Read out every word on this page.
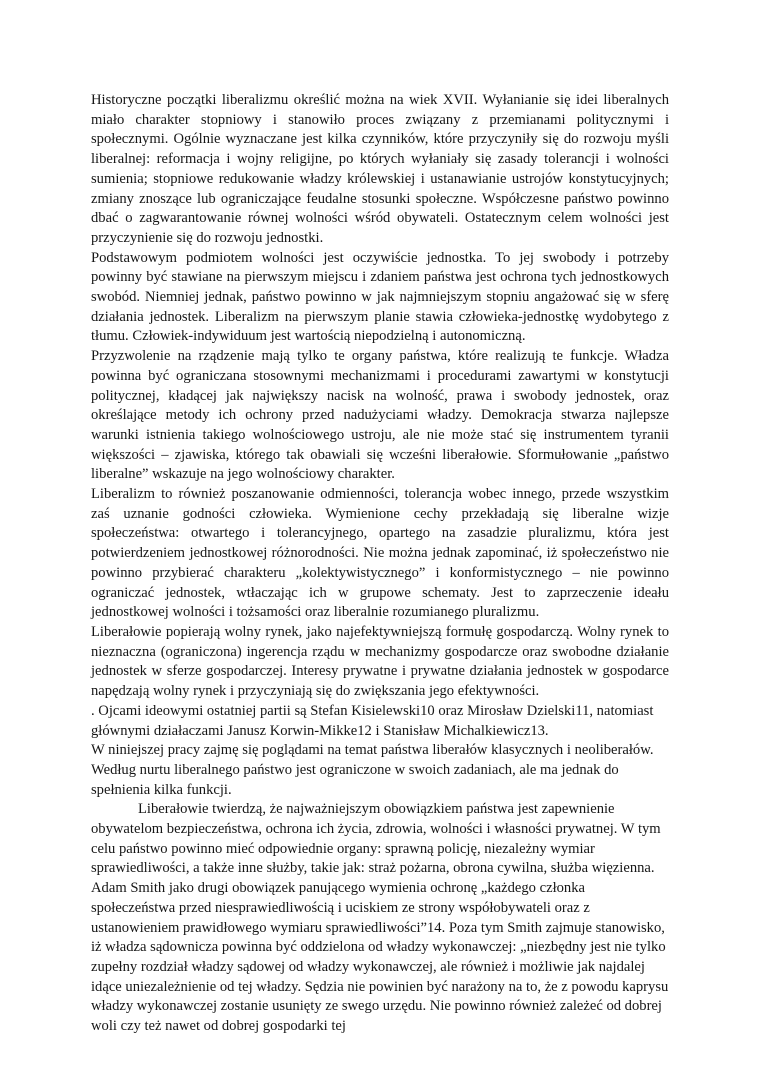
Historyczne początki liberalizmu określić można na wiek XVII. Wyłanianie się idei liberalnych miało charakter stopniowy i stanowiło proces związany z przemianami politycznymi i społecznymi. Ogólnie wyznaczane jest kilka czynników, które przyczyniły się do rozwoju myśli liberalnej: reformacja i wojny religijne, po których wyłaniały się zasady tolerancji i wolności sumienia; stopniowe redukowanie władzy królewskiej i ustanawianie ustrojów konstytucyjnych; zmiany znoszące lub ograniczające feudalne stosunki społeczne. Współczesne państwo powinno dbać o zagwarantowanie równej wolności wśród obywateli. Ostatecznym celem wolności jest przyczynienie się do rozwoju jednostki.

Podstawowym podmiotem wolności jest oczywiście jednostka. To jej swobody i potrzeby powinny być stawiane na pierwszym miejscu i zdaniem państwa jest ochrona tych jednostkowych swobód. Niemniej jednak, państwo powinno w jak najmniejszym stopniu angażować się w sferę działania jednostek. Liberalizm na pierwszym planie stawia człowieka-jednostkę wydobytego z tłumu. Człowiek-indywiduum jest wartością niepodzielną i autonomiczną.

Przyzwolenie na rządzenie mają tylko te organy państwa, które realizują te funkcje. Władza powinna być ograniczana stosownymi mechanizmami i procedurami zawartymi w konstytucji politycznej, kładącej jak największy nacisk na wolność, prawa i swobody jednostek, oraz określające metody ich ochrony przed nadużyciami władzy. Demokracja stwarza najlepsze warunki istnienia takiego wolnościowego ustroju, ale nie może stać się instrumentem tyranii większości – zjawiska, którego tak obawiali się wcześni liberałowie. Sformułowanie „państwo liberalne” wskazuje na jego wolnościowy charakter.

Liberalizm to również poszanowanie odmienności, tolerancja wobec innego, przede wszystkim zaś uznanie godności człowieka. Wymienione cechy przekładają się liberalne wizje społeczeństwa: otwartego i tolerancyjnego, opartego na zasadzie pluralizmu, która jest potwierdzeniem jednostkowej różnorodności. Nie można jednak zapominać, iż społeczeństwo nie powinno przybierać charakteru „kolektywistycznego” i konformistycznego – nie powinno ograniczać jednostek, wtłaczając ich w grupowe schematy. Jest to zaprzeczenie ideału jednostkowej wolności i tożsamości oraz liberalnie rozumianego pluralizmu.

Liberałowie popierają wolny rynek, jako najefektywniejszą formułę gospodarczą. Wolny rynek to nieznaczna (ograniczona) ingerencja rządu w mechanizmy gospodarcze oraz swobodne działanie jednostek w sferze gospodarczej. Interesy prywatne i prywatne działania jednostek w gospodarce napędzają wolny rynek i przyczyniają się do zwiększania jego efektywności.

. Ojcami ideowymi ostatniej partii są Stefan Kisielewski10 oraz Mirosław Dzielski11, natomiast głównymi działaczami Janusz Korwin-Mikke12 i Stanisław Michalkiewicz13.

W niniejszej pracy zajmę się poglądami na temat państwa liberałów klasycznych i neoliberałów. Według nurtu liberalnego państwo jest ograniczone w swoich zadaniach, ale ma jednak do spełnienia kilka funkcji.

Liberałowie twierdzą, że najważniejszym obowiązkiem państwa jest zapewnienie obywatelom bezpieczeństwa, ochrona ich życia, zdrowia, wolności i własności prywatnej. W tym celu państwo powinno mieć odpowiednie organy: sprawną policję, niezależny wymiar sprawiedliwości, a także inne służby, takie jak: straż pożarna, obrona cywilna, służba więzienna. Adam Smith jako drugi obowiązek panującego wymienia ochronę „każdego członka społeczeństwa przed niesprawiedliwością i uciskiem ze strony współobywateli oraz z ustanowieniem prawidłowego wymiaru sprawiedliwości”14. Poza tym Smith zajmuje stanowisko, iż władza sądownicza powinna być oddzielona od władzy wykonawczej: „niezbędny jest nie tylko zupełny rozdział władzy sądowej od władzy wykonawczej, ale również i możliwie jak najdalej idące uniezależnienie od tej władzy. Sędzia nie powinien być narażony na to, że z powodu kaprysu władzy wykonawczej zostanie usunięty ze swego urzędu. Nie powinno również zależeć od dobrej woli czy też nawet od dobrej gospodarki tej
